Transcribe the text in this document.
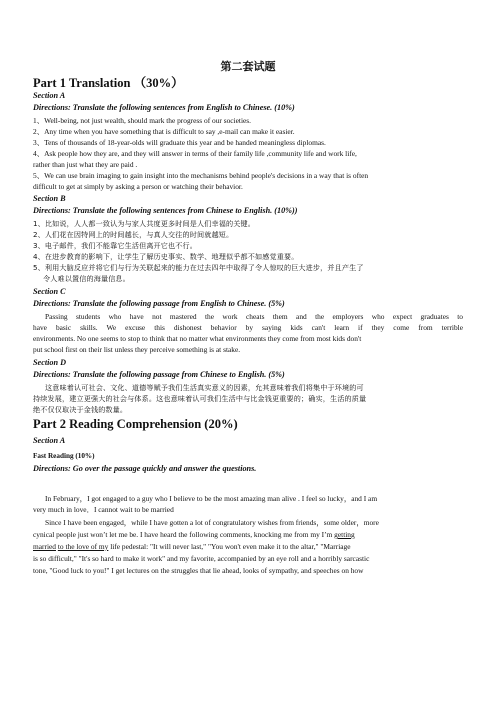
第二套试题
Part 1 Translation （30%）
Section A
Directions: Translate the following sentences from English to Chinese. (10%)
1、Well-being, not just wealth, should mark the progress of our societies.
2、Any time when you have something that is difficult to say ,e-mail can make it easier.
3、Tens of thousands of 18-year-olds will graduate this year and be handed meaningless diplomas.
4、Ask people how they are, and they will answer in terms of their family life ,community life and work life,
rather than just what they are paid .
5、We can use brain imaging to gain insight into the mechanisms behind people's decisions in a way that is often
difficult to get at simply by asking a person or watching their behavior.
Section B
Directions: Translate the following sentences from Chinese to English. (10%))
1、比如说，人人都一致认为与家人共度更多时间是人们幸福的关键。
2、人们花在因特网上的时间越长，与真人交往的时间就越短。
3、电子邮件，我们不能靠它生活但离开它也不行。
4、在进步教育的影响下，让学生了解历史事实、数学、地理似乎都不如感觉重要。
5、利用大脑反应并将它们与行为关联起来的能力在过去四年中取得了令人惊叹的巨大进步，并且产生了
令人难以置信的海量信息。
Section C
Directions: Translate the following passage from English to Chinese. (5%)
Passing students who have not mastered the work cheats them and the employers who expect graduates to
have basic skills. We excuse this dishonest behavior by saying kids can't learn if they come from terrible
environments. No one seems to stop to think that no matter what environments they come from most kids don't
put school first on their list unless they perceive something is at stake.
Section D
Directions: Translate the following passage from Chinese to English. (5%)
这意味着认可社会、文化、道德等赋予我们生活真实意义的因素，允其意味着我们将集中于环境的可
持续发展，建立更强大的社会与体系。这也意味着认可我们生活中与比金钱更重要的；确实，生活的质量
绝不仅仅取决于金钱的数量。
Part 2 Reading Comprehension (20%)
Section A
Fast Reading (10%)
Directions: Go over the passage quickly and answer the questions.
In February，I got engaged to a guy who I believe to be the most amazing man alive . I feel so lucky，and I am
very much in love．I cannot wait to be married
Since I have been engaged，while I have gotten a lot of congratulatory wishes from friends，some older，more
cynical people just won’t let me be. I have heard the following comments, knocking me from my I’m getting
married to the love of my life pedestal: "It will never last," "You won't even make it to the altar," "Marriage
is so difficult," "It's so hard to make it work" and my favorite, accompanied by an eye roll and a horribly sarcastic
tone, "Good luck to you!" I get lectures on the struggles that lie ahead, looks of sympathy, and speeches on how
